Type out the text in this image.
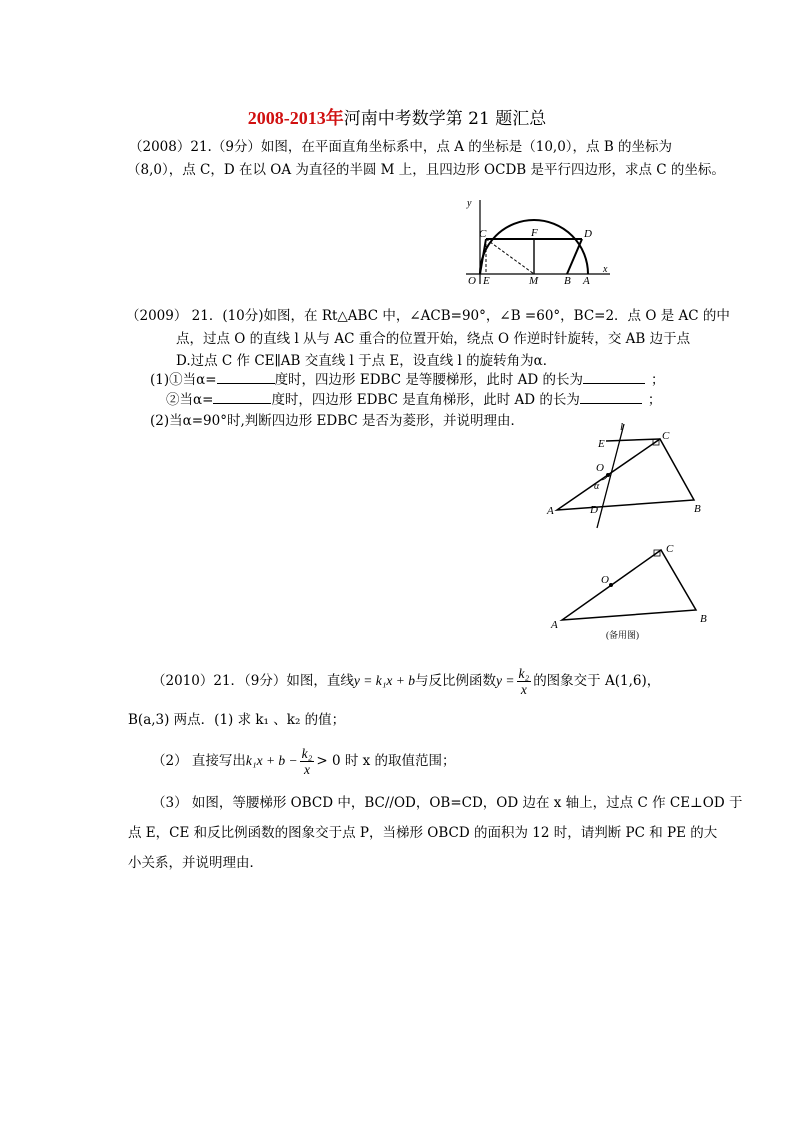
2008-2013年河南中考数学第 21 题汇总
（2008）21.（9分）如图，在平面直角坐标系中，点 A 的坐标是（10,0），点 B 的坐标为
（8,0），点 C，D 在以 OA 为直径的半圆 M 上，且四边形 OCDB 是平行四边形，求点 C 的坐标。
y
x
C	F	D
O E	M B A
（2009） 21．(10分)如图，在 Rt△ABC 中，∠ACB=90°，∠B =60°，BC=2．点 O 是 AC 的中
点，过点 O 的直线 l 从与 AC 重合的位置开始，绕点 O 作逆时针旋转，交 AB 边于点
D.过点 C 作 CE∥AB 交直线 l 于点 E，设直线 l 的旋转角为α．
(1)①当α=	度时，四边形 EDBC 是等腰梯形，此时 AD 的长为	；
②当α=	度时，四边形 EDBC 是直角梯形，此时 AD 的长为	；
(2)当α=90°时,判断四边形 EDBC 是否为菱形，并说明理由．	l
E
C
O
α
A	D	B
C
O
A	B
(备用图)
（2010）21．（9分）如图，直线y = k₁x + b与反比例函数$y = \frac{\text{k₂}}{x}$ 的图象交于 A(1,6)，
B(a,3) 两点．(1) 求 k₁ 、k₂ 的值；
（2） 直接写出$k_1x + b - \frac{\text{k₂}}{x} > 0$ 时 x 的取值范围；
（3） 如图，等腰梯形 OBCD 中，BC//OD，OB=CD，OD 边在 x 轴上，过点 C 作 CE⊥OD 于
点 E，CE 和反比例函数的图象交于点 P，当梯形 OBCD 的面积为 12 时，请判断 PC 和 PE 的大
小关系，并说明理由．
